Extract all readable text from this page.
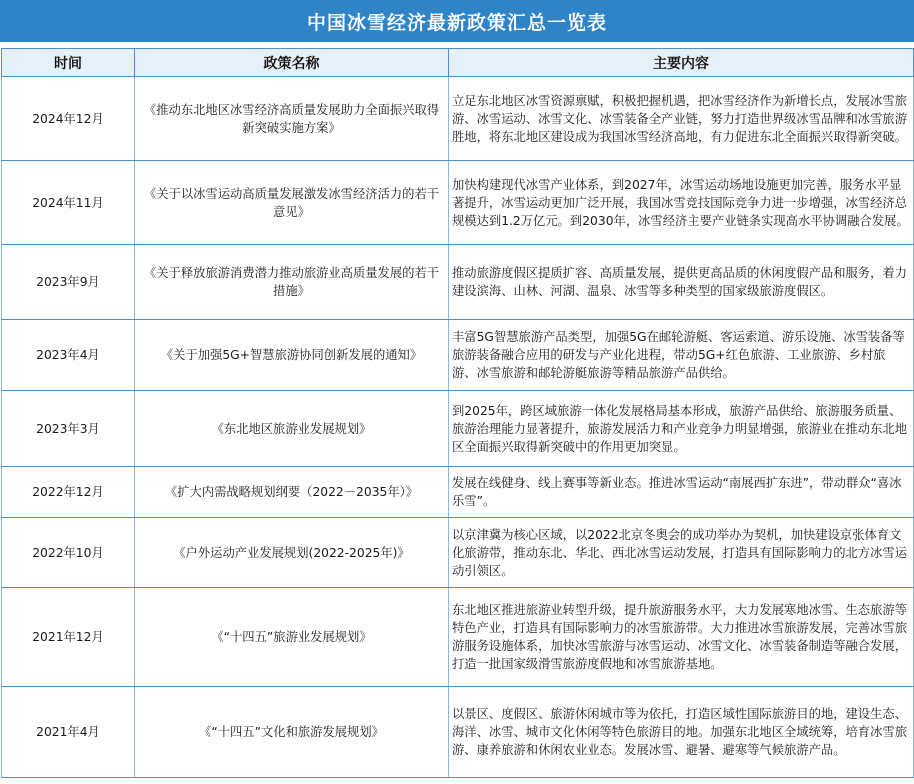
中国冰雪经济最新政策汇总一览表
时间	政策名称	主要内容
2024年12月	《推动东北地区冰雪经济高质量发展助力全面振兴取得新突破实施方案》	立足东北地区冰雪资源禀赋，积极把握机遇，把冰雪经济作为新增长点，发展冰雪旅游、冰雪运动、冰雪文化、冰雪装备全产业链，努力打造世界级冰雪品牌和冰雪旅游胜地，将东北地区建设成为我国冰雪经济高地，有力促进东北全面振兴取得新突破。
2024年11月	《关于以冰雪运动高质量发展激发冰雪经济活力的若干意见》	加快构建现代冰雪产业体系，到2027年，冰雪运动场地设施更加完善，服务水平显著提升，冰雪运动更加广泛开展，我国冰雪竞技国际竞争力进一步增强，冰雪经济总规模达到1.2万亿元。到2030年，冰雪经济主要产业链条实现高水平协调融合发展。
2023年9月	《关于释放旅游消费潜力推动旅游业高质量发展的若干措施》	推动旅游度假区提质扩容、高质量发展，提供更高品质的休闲度假产品和服务，着力建设滨海、山林、河湖、温泉、冰雪等多种类型的国家级旅游度假区。
2023年4月	《关于加强5G+智慧旅游协同创新发展的通知》	丰富5G智慧旅游产品类型，加强5G在邮轮游艇、客运索道、游乐设施、冰雪装备等旅游装备融合应用的研发与产业化进程，带动5G+红色旅游、工业旅游、乡村旅游、冰雪旅游和邮轮游艇旅游等精品旅游产品供给。
2023年3月	《东北地区旅游业发展规划》	到2025年，跨区域旅游一体化发展格局基本形成，旅游产品供给、旅游服务质量、旅游治理能力显著提升，旅游发展活力和产业竞争力明显增强，旅游业在推动东北地区全面振兴取得新突破中的作用更加突显。
2022年12月	《扩大内需战略规划纲要（2022－2035年）》	发展在线健身、线上赛事等新业态。推进冰雪运动“南展西扩东进”，带动群众“喜冰乐雪”。
2022年10月	《户外运动产业发展规划(2022-2025年)》	以京津冀为核心区域，以2022北京冬奥会的成功举办为契机，加快建设京张体育文化旅游带，推动东北、华北、西北冰雪运动发展，打造具有国际影响力的北方冰雪运动引领区。
2021年12月	《“十四五”旅游业发展规划》	东北地区推进旅游业转型升级，提升旅游服务水平，大力发展寒地冰雪、生态旅游等特色产业，打造具有国际影响力的冰雪旅游带。大力推进冰雪旅游发展，完善冰雪旅游服务设施体系，加快冰雪旅游与冰雪运动、冰雪文化、冰雪装备制造等融合发展，打造一批国家级滑雪旅游度假地和冰雪旅游基地。
2021年4月	《“十四五”文化和旅游发展规划》	以景区、度假区、旅游休闲城市等为依托，打造区域性国际旅游目的地，建设生态、海洋、冰雪、城市文化休闲等特色旅游目的地。加强东北地区全域统筹，培育冰雪旅游、康养旅游和休闲农业业态。发展冰雪、避暑、避寒等气候旅游产品。
